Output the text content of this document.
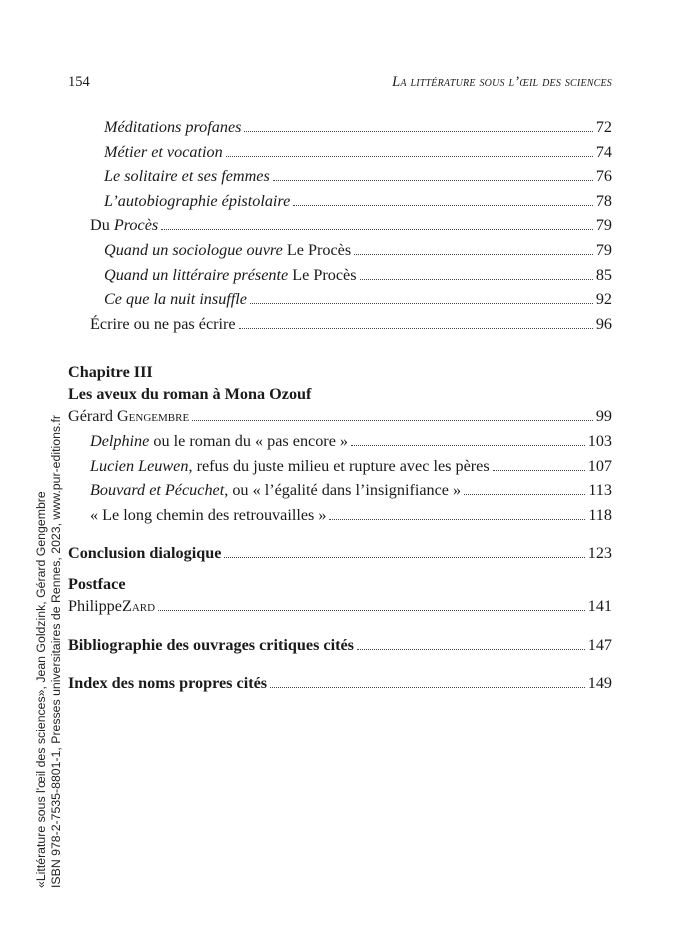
154	La littérature sous l’œil des sciences
Méditations profanes	72
Métier et vocation	74
Le solitaire et ses femmes	76
L’autobiographie épistolaire	78
Du Procès	79
Quand un sociologue ouvre Le Procès	79
Quand un littéraire présente Le Procès	85
Ce que la nuit insuffle	92
Écrire ou ne pas écrire	96
Chapitre III
Les aveux du roman à Mona Ozouf
Gérard Gengembre	99
Delphine ou le roman du « pas encore »	103
Lucien Leuwen, refus du juste milieu et rupture avec les pères	107
Bouvard et Pécuchet, ou « l’égalité dans l’insignifiance »	113
« Le long chemin des retrouvailles »	118
Conclusion dialogique	123
Postface
PhilippeZard	141
Bibliographie des ouvrages critiques cités	147
Index des noms propres cités	149
«Littérature sous l'œil des sciences», Jean Goldzink, Gérard Gengembre ISBN 978-2-7535-8801-1, Presses universitaires de Rennes, 2023, www.pur-editions.fr
